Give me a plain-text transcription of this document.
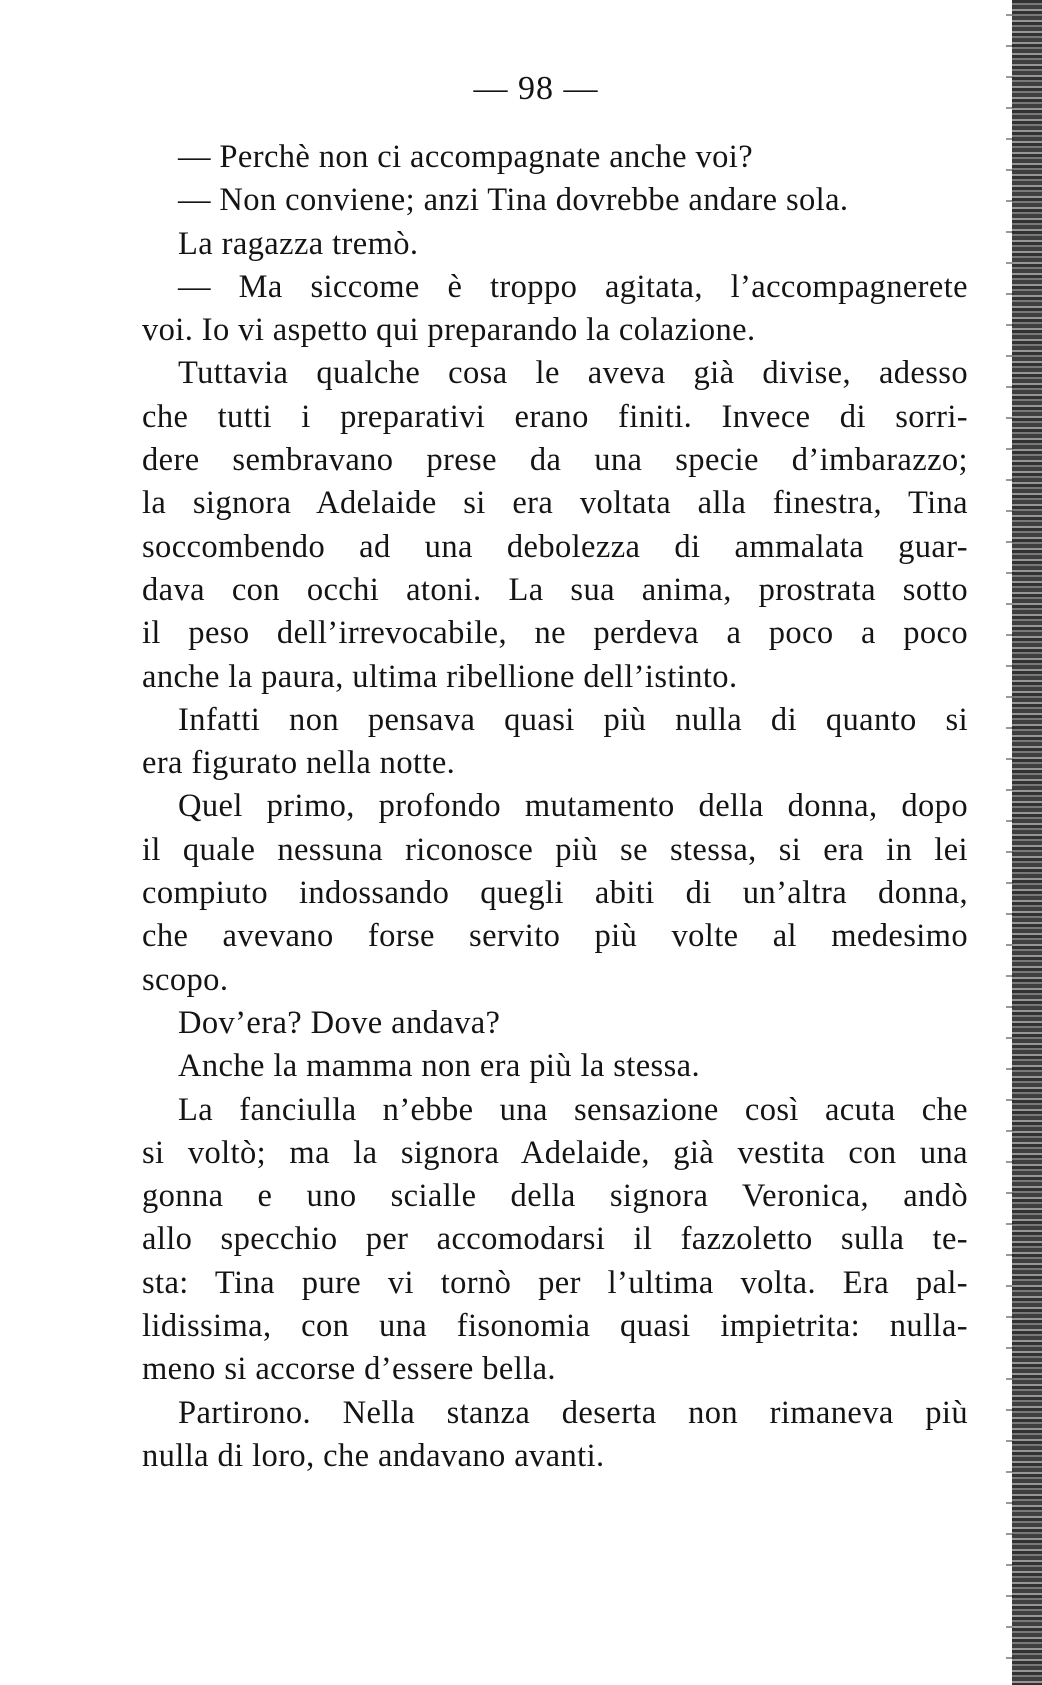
— 98 —
— Perchè non ci accompagnate anche voi?
— Non conviene; anzi Tina dovrebbe andare sola.
La ragazza tremò.
— Ma siccome è troppo agitata, l’accompagnerete
voi. Io vi aspetto qui preparando la colazione.
Tuttavia qualche cosa le aveva già divise, adesso
che tutti i preparativi erano finiti. Invece di sorri-
dere sembravano prese da una specie d’imbarazzo;
la signora Adelaide si era voltata alla finestra, Tina
soccombendo ad una debolezza di ammalata guar-
dava con occhi atoni. La sua anima, prostrata sotto
il peso dell’irrevocabile, ne perdeva a poco a poco
anche la paura, ultima ribellione dell’istinto.
Infatti non pensava quasi più nulla di quanto si
era figurato nella notte.
Quel primo, profondo mutamento della donna, dopo
il quale nessuna riconosce più se stessa, si era in lei
compiuto indossando quegli abiti di un’altra donna,
che avevano forse servito più volte al medesimo
scopo.
Dov’era? Dove andava?
Anche la mamma non era più la stessa.
La fanciulla n’ebbe una sensazione così acuta che
si voltò; ma la signora Adelaide, già vestita con una
gonna e uno scialle della signora Veronica, andò
allo specchio per accomodarsi il fazzoletto sulla te-
sta: Tina pure vi tornò per l’ultima volta. Era pal-
lidissima, con una fisonomia quasi impietrita: nulla-
meno si accorse d’essere bella.
Partirono. Nella stanza deserta non rimaneva più
nulla di loro, che andavano avanti.
